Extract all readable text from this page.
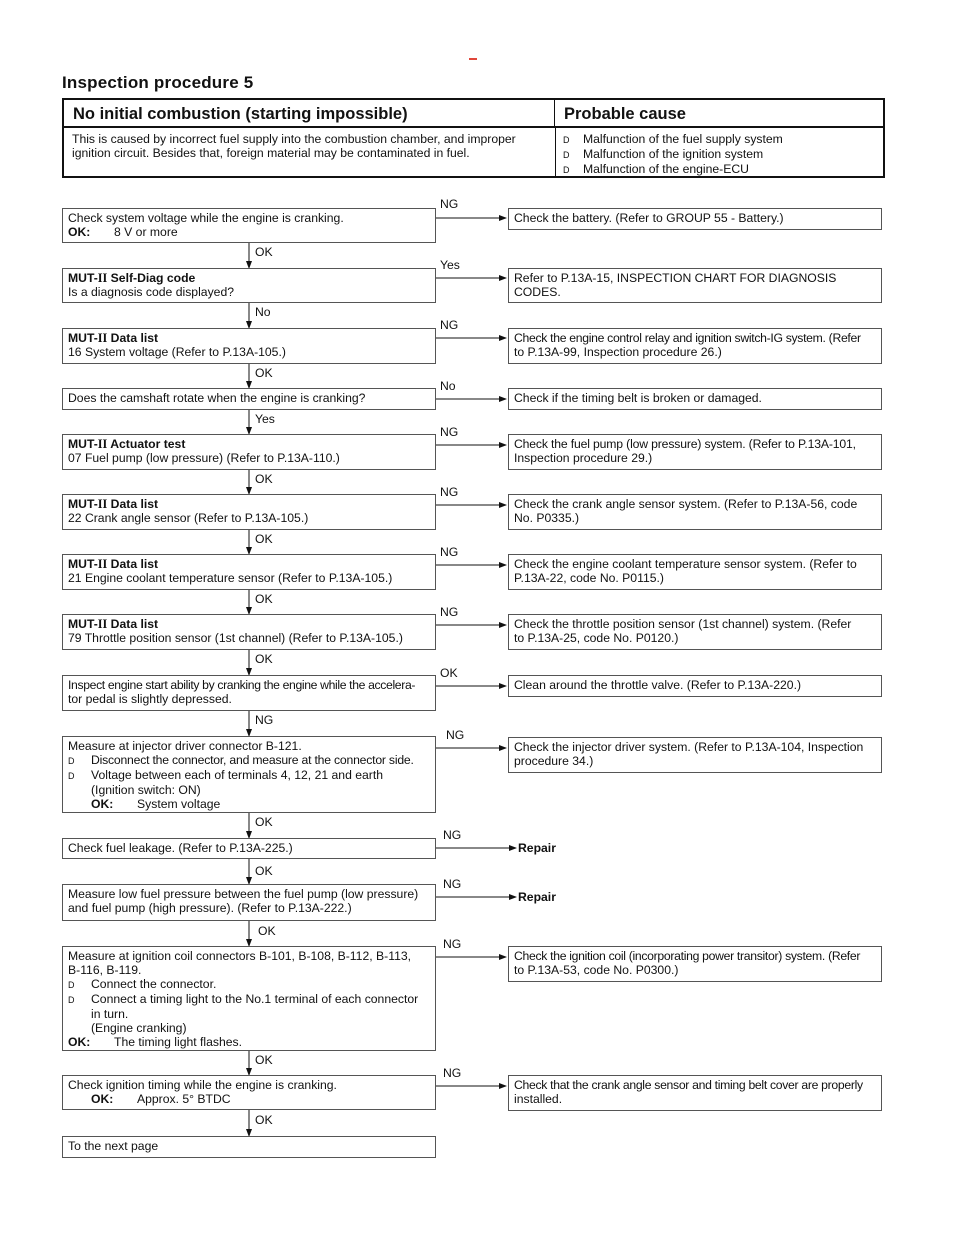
Inspection procedure 5
No initial combustion (starting impossible)	Probable cause
This is caused by incorrect fuel supply into the combustion chamber, and improper
ignition circuit. Besides that, foreign material may be contaminated in fuel.
D Malfunction of the fuel supply system
D Malfunction of the ignition system
D Malfunction of the engine-ECU
NG
Yes
NG
No
NG
NG
NG
NG
OK
NG
NG
NG
NG
NG
OK
No
OK
Yes
OK
OK
OK
OK
NG
OK
OK
OK
OK
OK
Check system voltage while the engine is cranking.
OK: 8 V or more
MUT-II Self-Diag code
Is a diagnosis code displayed?
MUT-II Data list
16 System voltage (Refer to P.13A-105.)
Does the camshaft rotate when the engine is cranking?
MUT-II Actuator test
07 Fuel pump (low pressure) (Refer to P.13A-110.)
MUT-II Data list
22 Crank angle sensor (Refer to P.13A-105.)
MUT-II Data list
21 Engine coolant temperature sensor (Refer to P.13A-105.)
MUT-II Data list
79 Throttle position sensor (1st channel) (Refer to P.13A-105.)
Inspect engine start ability by cranking the engine while the accelera-
tor pedal is slightly depressed.
Measure at injector driver connector B-121.
D Disconnect the connector, and measure at the connector side.
D Voltage between each of terminals 4, 12, 21 and earth
(Ignition switch: ON)
OK: System voltage
Check fuel leakage. (Refer to P.13A-225.)
Measure low fuel pressure between the fuel pump (low pressure)
and fuel pump (high pressure). (Refer to P.13A-222.)
Measure at ignition coil connectors B-101, B-108, B-112, B-113,
B-116, B-119.
D Connect the connector.
D Connect a timing light to the No.1 terminal of each connector
in turn.
(Engine cranking)
OK: The timing light flashes.
Check ignition timing while the engine is cranking.
OK: Approx. 5° BTDC
To the next page
Check the battery. (Refer to GROUP 55 - Battery.)
Refer to P.13A-15, INSPECTION CHART FOR DIAGNOSIS
CODES.
Check the engine control relay and ignition switch-IG system. (Refer
to P.13A-99, Inspection procedure 26.)
Check if the timing belt is broken or damaged.
Check the fuel pump (low pressure) system. (Refer to P.13A-101,
Inspection procedure 29.)
Check the crank angle sensor system. (Refer to P.13A-56, code
No. P0335.)
Check the engine coolant temperature sensor system. (Refer to
P.13A-22, code No. P0115.)
Check the throttle position sensor (1st channel) system. (Refer
to P.13A-25, code No. P0120.)
Clean around the throttle valve. (Refer to P.13A-220.)
Check the injector driver system. (Refer to P.13A-104, Inspection
procedure 34.)
Repair
Repair
Check the ignition coil (incorporating power transitor) system. (Refer
to P.13A-53, code No. P0300.)
Check that the crank angle sensor and timing belt cover are properly
installed.
